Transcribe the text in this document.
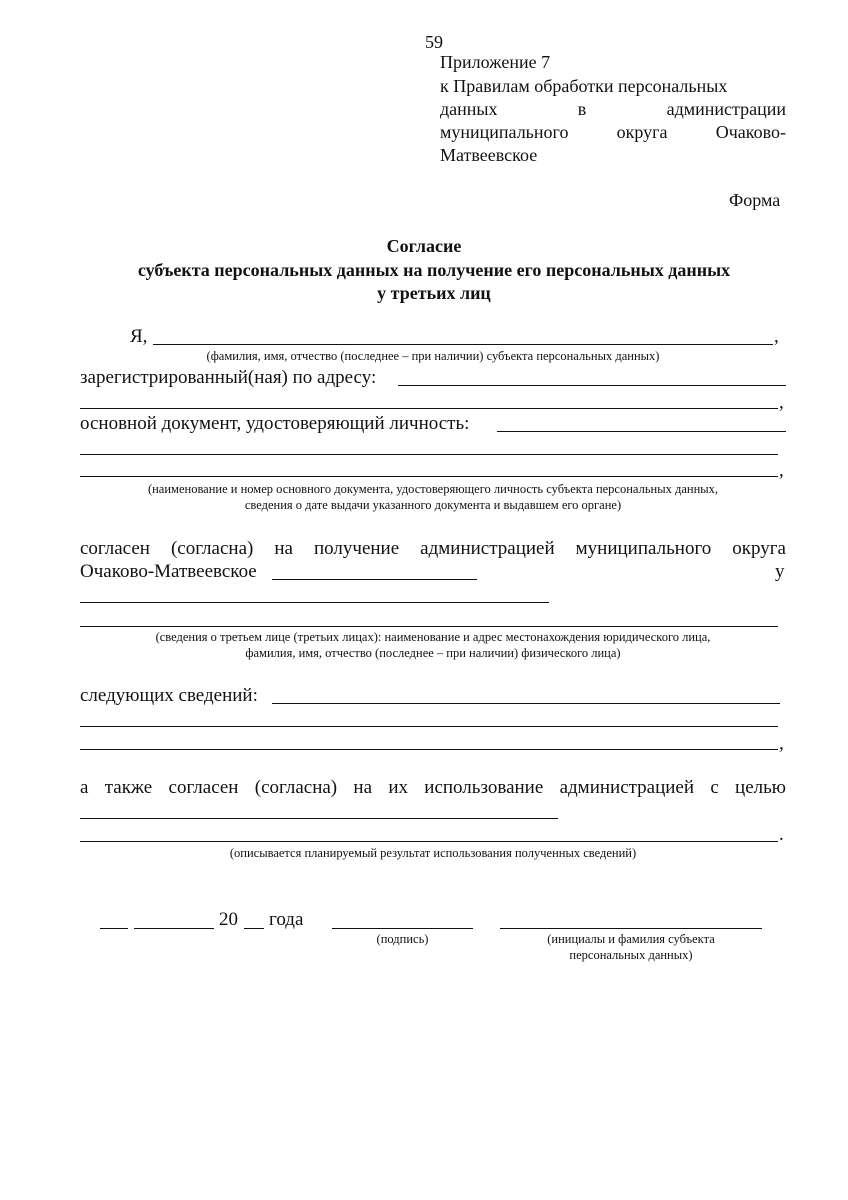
59
Приложение 7
к Правилам обработки персональных
данных в администрации
муниципального округа Очаково-
Матвеевское
Форма
Согласие
субъекта персональных данных на получение его персональных данных
у третьих лиц
Я,	,
(фамилия, имя, отчество (последнее – при наличии) субъекта персональных данных)
зарегистрированный(ная) по адресу:
,
основной документ, удостоверяющий личность:
,
(наименование и номер основного документа, удостоверяющего личность субъекта персональных данных,
сведения о дате выдачи указанного документа и выдавшем его органе)
согласен (согласна) на получение администрацией муниципального округа
Очаково-Матвеевское	у
(сведения о третьем лице (третьих лицах): наименование и адрес местонахождения юридического лица,
фамилия, имя, отчество (последнее – при наличии) физического лица)
следующих сведений:
,
а также согласен (согласна) на их использование администрацией с целью
.
(описывается планируемый результат использования полученных сведений)
20 года
(подпись)	(инициалы и фамилия субъекта
персональных данных)
